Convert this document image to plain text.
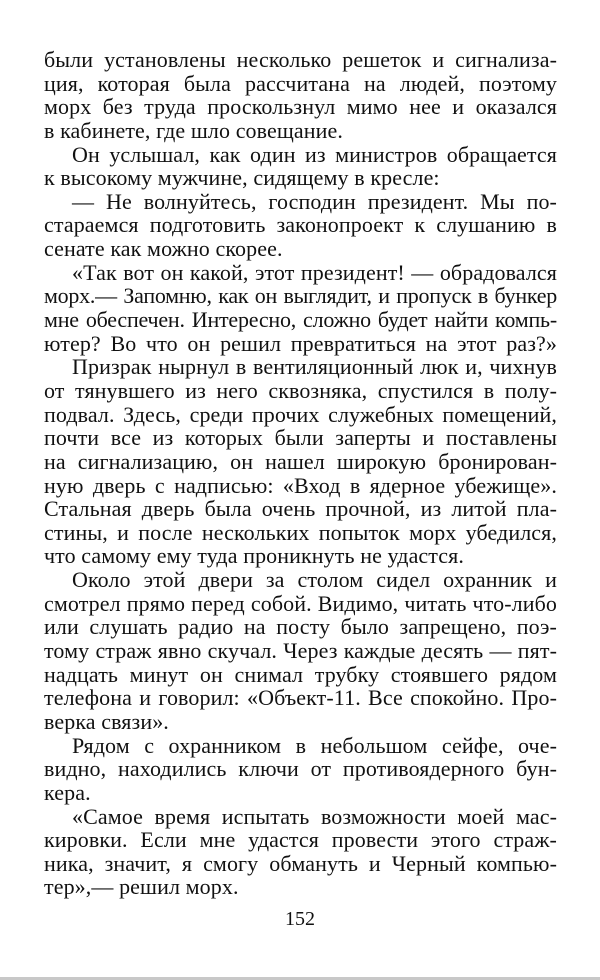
были установлены несколько решеток и сигнализа-
ция, которая была рассчитана на людей, поэтому
морх без труда проскользнул мимо нее и оказался
в кабинете, где шло совещание.
Он услышал, как один из министров обращается
к высокому мужчине, сидящему в кресле:
— Не волнуйтесь, господин президент. Мы по-
стараемся подготовить законопроект к слушанию в
сенате как можно скорее.
«Так вот он какой, этот президент! — обрадовался
морх.— Запомню, как он выглядит, и пропуск в бункер
мне обеспечен. Интересно, сложно будет найти компь-
ютер? Во что он решил превратиться на этот раз?»
Призрак нырнул в вентиляционный люк и, чихнув
от тянувшего из него сквозняка, спустился в полу-
подвал. Здесь, среди прочих служебных помещений,
почти все из которых были заперты и поставлены
на сигнализацию, он нашел широкую бронирован-
ную дверь с надписью: «Вход в ядерное убежище».
Стальная дверь была очень прочной, из литой пла-
стины, и после нескольких попыток морх убедился,
что самому ему туда проникнуть не удастся.
Около этой двери за столом сидел охранник и
смотрел прямо перед собой. Видимо, читать что-либо
или слушать радио на посту было запрещено, поэ-
тому страж явно скучал. Через каждые десять — пят-
надцать минут он снимал трубку стоявшего рядом
телефона и говорил: «Объект-11. Все спокойно. Про-
верка связи».
Рядом с охранником в небольшом сейфе, оче-
видно, находились ключи от противоядерного бун-
кера.
«Самое время испытать возможности моей мас-
кировки. Если мне удастся провести этого страж-
ника, значит, я смогу обмануть и Черный компью-
тер»,— решил морх.
152
